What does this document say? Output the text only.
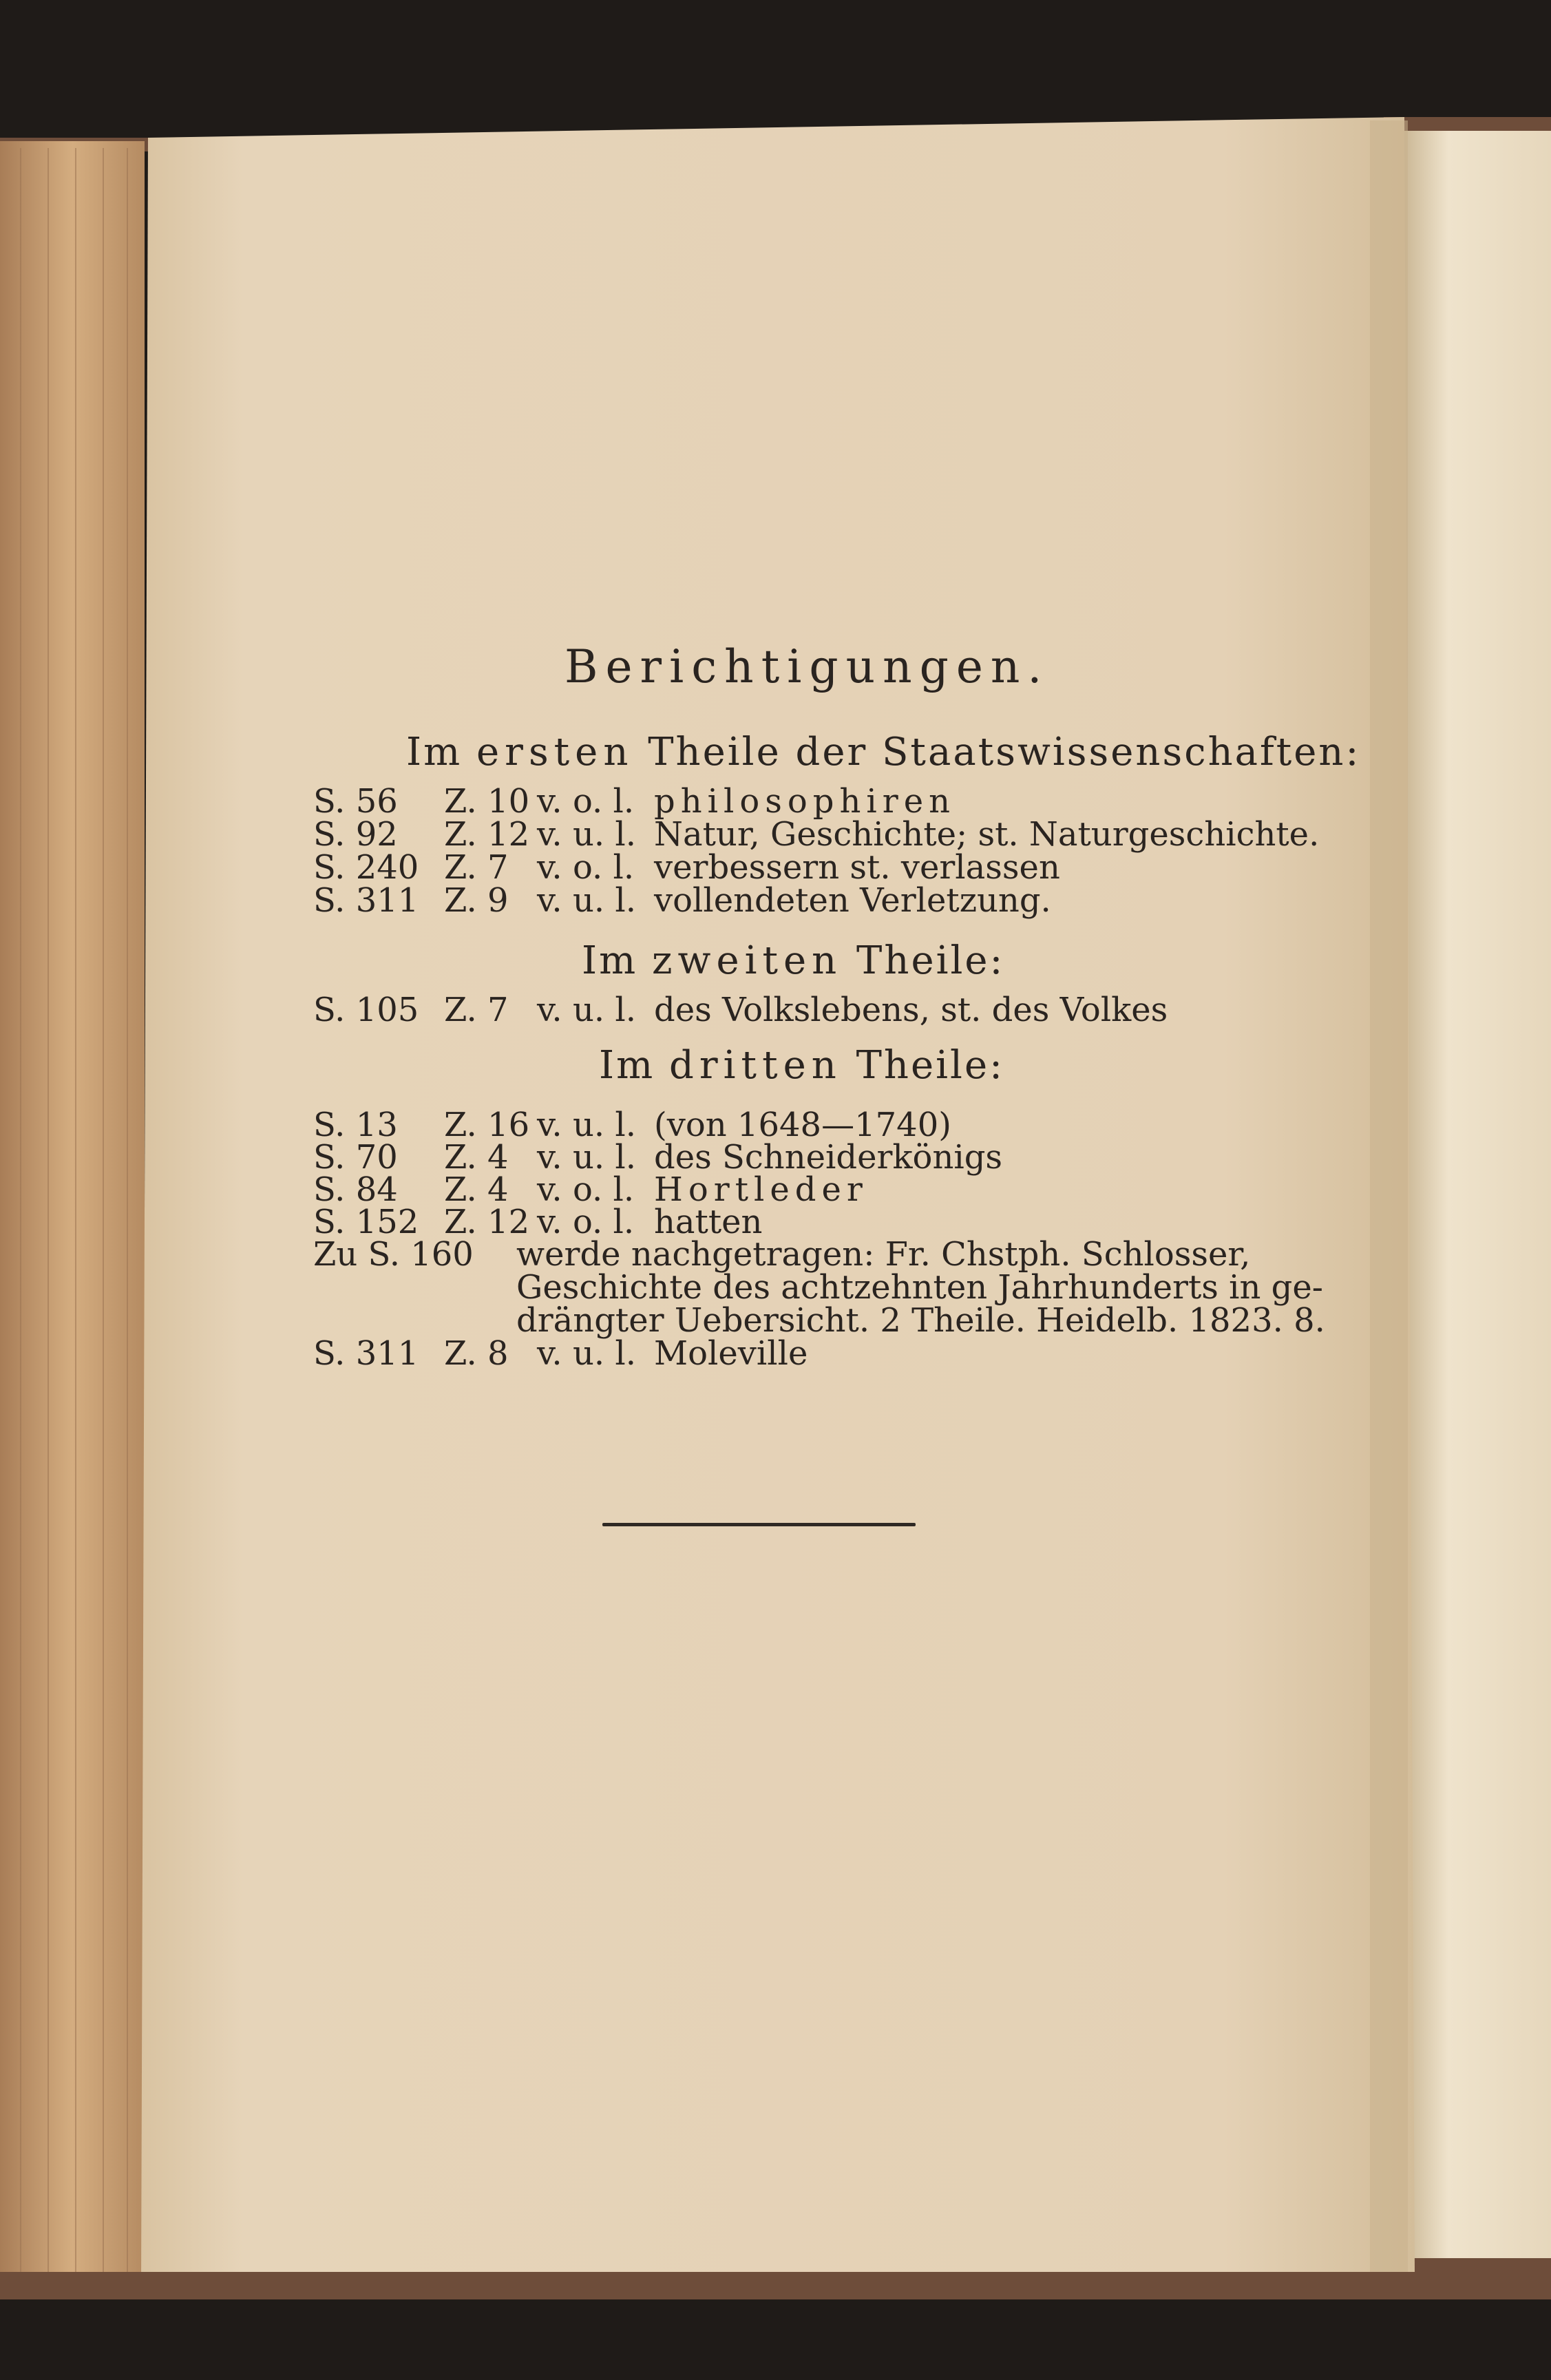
Berichtigungen.
Im ersten Theile der Staatswissenschaften:
S. 56 Z. 10 v. o. l. philosophiren
S. 92 Z. 12 v. u. l. Natur, Geschichte; st. Naturgeschichte.
S. 240 Z. 7 v. o. l. verbessern st. verlassen
S. 311 Z. 9 v. u. l. vollendeten Verletzung.
Im zweiten Theile:
S. 105 Z. 7 v. u. l. des Volkslebens, st. des Volkes
Im dritten Theile:
S. 13 Z. 16 v. u. l. (von 1648—1740)
S. 70 Z. 4 v. u. l. des Schneiderkönigs
S. 84 Z. 4 v. o. l. Hortleder
S. 152 Z. 12 v. o. l. hatten
Zu S. 160 werde nachgetragen: Fr. Chstph. Schlosser,
Geschichte des achtzehnten Jahrhunderts in ge-
drängter Uebersicht. 2 Theile. Heidelb. 1823. 8.
S. 311 Z. 8 v. u. l. Moleville
